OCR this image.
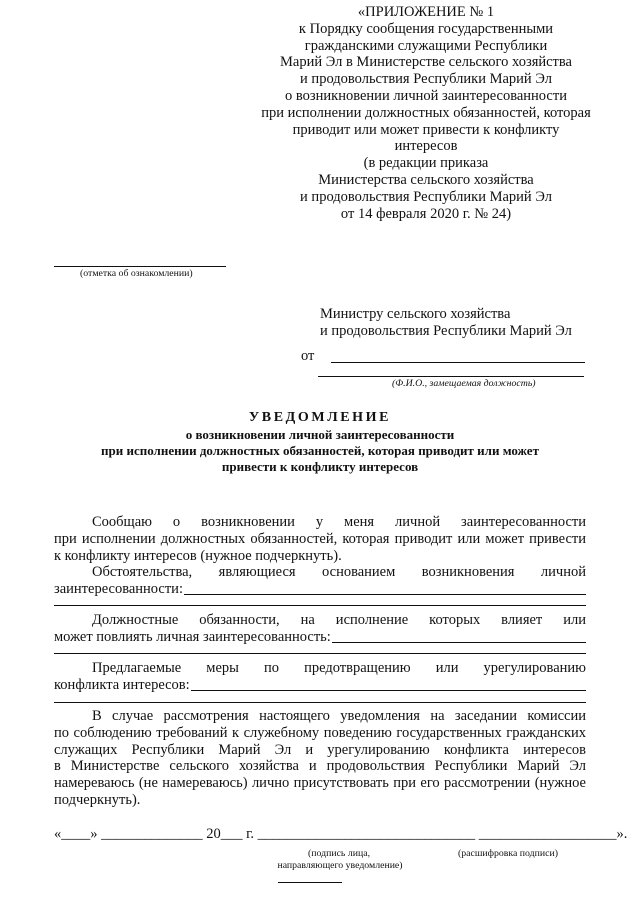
«ПРИЛОЖЕНИЕ № 1
к Порядку сообщения государственными
гражданскими служащими Республики
Марий Эл в Министерстве сельского хозяйства
и продовольствия Республики Марий Эл
о возникновении личной заинтересованности
при исполнении должностных обязанностей, которая
приводит или может привести к конфликту
интересов
(в редакции приказа
Министерства сельского хозяйства
и продовольствия Республики Марий Эл
от 14 февраля 2020 г. № 24)
(отметка об ознакомлении)
Министру сельского хозяйства
и продовольствия Республики Марий Эл
от
(Ф.И.О., замещаемая должность)
УВЕДОМЛЕНИЕ
о возникновении личной заинтересованности
при исполнении должностных обязанностей, которая приводит или может
привести к конфликту интересов
Сообщаю о возникновении у меня личной заинтересованности
при исполнении должностных обязанностей, которая приводит или может привести
к конфликту интересов (нужное подчеркнуть).
Обстоятельства, являющиеся основанием возникновения личной
заинтересованности:
Должностные обязанности, на исполнение которых влияет или
может повлиять личная заинтересованность:
Предлагаемые меры по предотвращению или урегулированию
конфликта интересов:
В случае рассмотрения настоящего уведомления на заседании комиссии
по соблюдению требований к служебному поведению государственных гражданских
служащих Республики Марий Эл и урегулированию конфликта интересов
в Министерстве сельского хозяйства и продовольствия Республики Марий Эл
намереваюсь (не намереваюсь) лично присутствовать при его рассмотрении (нужное
подчеркнуть).
«____» ______________ 20___ г. ______________________________ ___________________».
(подпись лица,	(расшифровка подписи)
направляющего уведомление)
